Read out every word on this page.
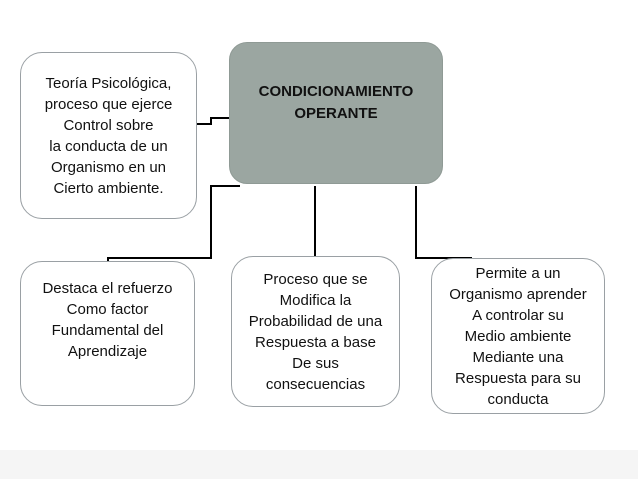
CONDICIONAMIENTO
OPERANTE
Teoría Psicológica,
proceso que ejerce
Control sobre
la conducta de un
Organismo en un
Cierto ambiente.
Destaca el refuerzo
Como factor
Fundamental del
Aprendizaje
Proceso que se
Modifica la
Probabilidad de una
Respuesta a base
De sus
consecuencias
Permite a un
Organismo aprender
A controlar su
Medio ambiente
Mediante una
Respuesta para su
conducta
